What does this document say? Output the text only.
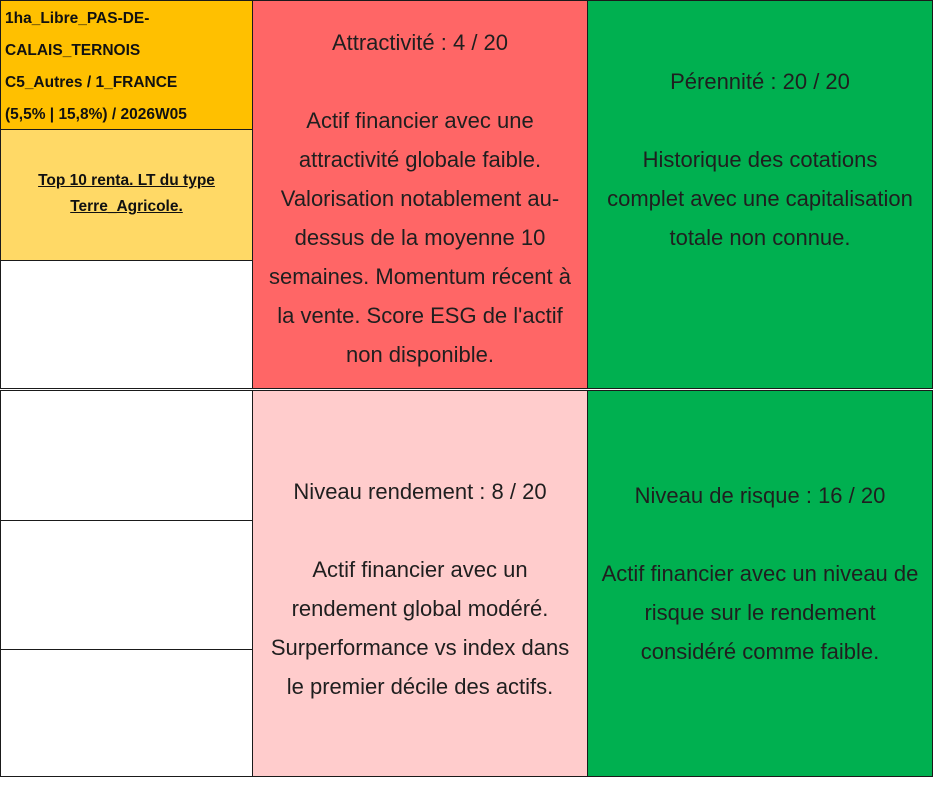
1ha_Libre_PAS-DE-
CALAIS_TERNOIS
C5_Autres / 1_FRANCE
(5,5% | 15,8%) / 2026W05
Top 10 renta. LT du type
Terre_Agricole.
Attractivité : 4 / 20
Actif financier avec une
attractivité globale faible.
Valorisation notablement au-
dessus de la moyenne 10
semaines. Momentum récent à
la vente. Score ESG de l'actif
non disponible.
Pérennité : 20 / 20
Historique des cotations
complet avec une capitalisation
totale non connue.
Niveau rendement : 8 / 20
Actif financier avec un
rendement global modéré.
Surperformance vs index dans
le premier décile des actifs.
Niveau de risque : 16 / 20
Actif financier avec un niveau de
risque sur le rendement
considéré comme faible.
